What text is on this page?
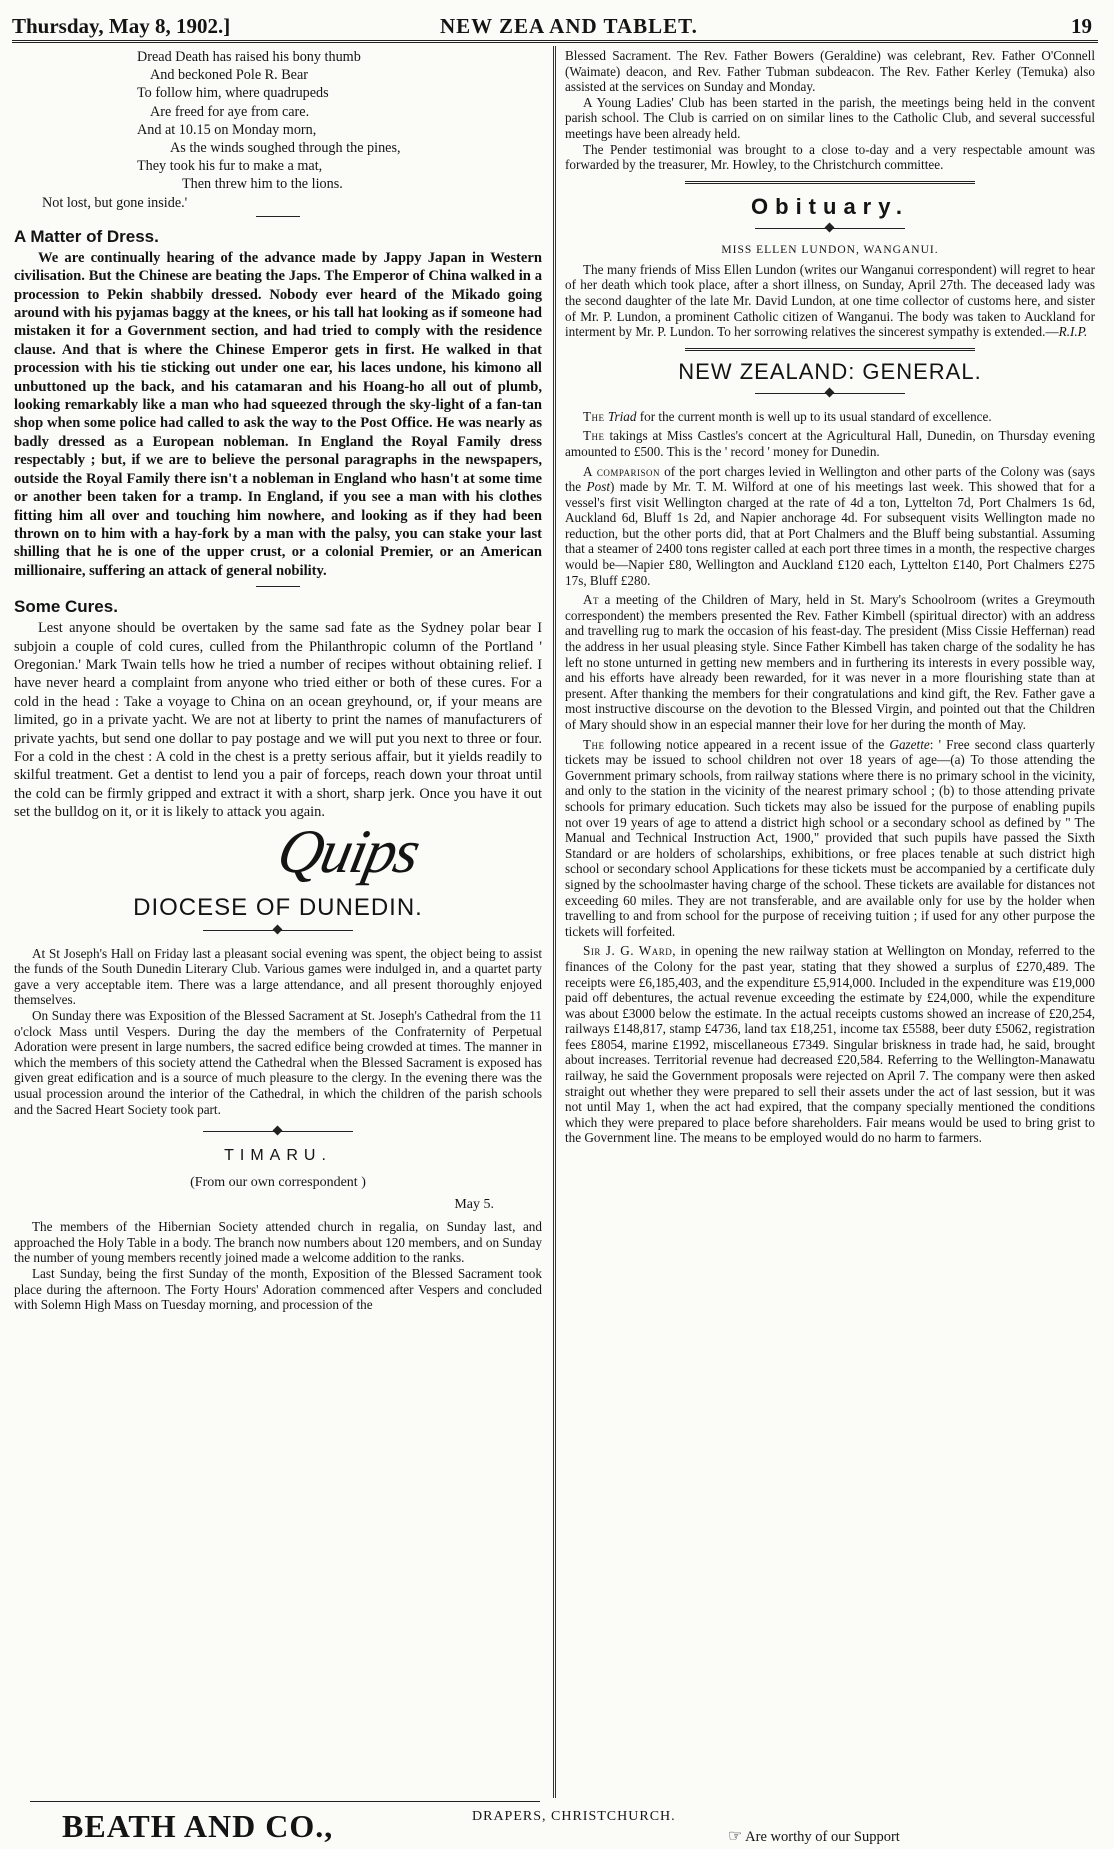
Thursday, May 8, 1902.]	NEW ZEA AND TABLET.	19
Dread Death has raised his bony thumb
And beckoned Pole R. Bear
To follow him, where quadrupeds
Are freed for aye from care.
And at 10.15 on Monday morn,
As the winds soughed through the pines,
They took his fur to make a mat,
Then threw him to the lions.
Not lost, but gone inside.'
A Matter of Dress.

We are continually hearing of the advance made by Jappy Japan in Western civilisation. But the Chinese are beating the Japs. The Emperor of China walked in a procession to Pekin shabbily dressed. Nobody ever heard of the Mikado going around with his pyjamas baggy at the knees, or his tall hat looking as if someone had mistaken it for a Government section, and had tried to comply with the residence clause. And that is where the Chinese Emperor gets in first. He walked in that procession with his tie sticking out under one ear, his laces undone, his kimono all unbuttoned up the back, and his catamaran and his Hoang-ho all out of plumb, looking remarkably like a man who had squeezed through the sky-light of a fan-tan shop when some police had called to ask the way to the Post Office. He was nearly as badly dressed as a European nobleman. In England the Royal Family dress respectably ; but, if we are to believe the personal paragraphs in the newspapers, outside the Royal Family there isn't a nobleman in England who hasn't at some time or another been taken for a tramp. In England, if you see a man with his clothes fitting him all over and touching him nowhere, and looking as if they had been thrown on to him with a hay-fork by a man with the palsy, you can stake your last shilling that he is one of the upper crust, or a colonial Premier, or an American millionaire, suffering an attack of general nobility.

Some Cures.

Lest anyone should be overtaken by the same sad fate as the Sydney polar bear I subjoin a couple of cold cures, culled from the Philanthropic column of the Portland ' Oregonian.' Mark Twain tells how he tried a number of recipes without obtaining relief. I have never heard a complaint from anyone who tried either or both of these cures. For a cold in the head : Take a voyage to China on an ocean greyhound, or, if your means are limited, go in a private yacht. We are not at liberty to print the names of manufacturers of private yachts, but send one dollar to pay postage and we will put you next to three or four. For a cold in the chest : A cold in the chest is a pretty serious affair, but it yields readily to skilful treatment. Get a dentist to lend you a pair of forceps, reach down your throat until the cold can be firmly gripped and extract it with a short, sharp jerk. Once you have it out set the bulldog on it, or it is likely to attack you again.

Quips
DIOCESE OF DUNEDIN.

At St Joseph's Hall on Friday last a pleasant social evening was spent, the object being to assist the funds of the South Dunedin Literary Club. Various games were indulged in, and a quartet party gave a very acceptable item. There was a large attendance, and all present thoroughly enjoyed themselves.

On Sunday there was Exposition of the Blessed Sacrament at St. Joseph's Cathedral from the 11 o'clock Mass until Vespers. During the day the members of the Confraternity of Perpetual Adoration were present in large numbers, the sacred edifice being crowded at times. The manner in which the members of this society attend the Cathedral when the Blessed Sacrament is exposed has given great edification and is a source of much pleasure to the clergy. In the evening there was the usual procession around the interior of the Cathedral, in which the children of the parish schools and the Sacred Heart Society took part.

TIMARU.

(From our own correspondent )

May 5.

The members of the Hibernian Society attended church in regalia, on Sunday last, and approached the Holy Table in a body. The branch now numbers about 120 members, and on Sunday the number of young members recently joined made a welcome addition to the ranks.

Last Sunday, being the first Sunday of the month, Exposition of the Blessed Sacrament took place during the afternoon. The Forty Hours' Adoration commenced after Vespers and concluded with Solemn High Mass on Tuesday morning, and procession of the

Blessed Sacrament. The Rev. Father Bowers (Geraldine) was celebrant, Rev. Father O'Connell (Waimate) deacon, and Rev. Father Tubman subdeacon. The Rev. Father Kerley (Temuka) also assisted at the services on Sunday and Monday.

A Young Ladies' Club has been started in the parish, the meetings being held in the convent parish school. The Club is carried on on similar lines to the Catholic Club, and several successful meetings have been already held.

The Pender testimonial was brought to a close to-day and a very respectable amount was forwarded by the treasurer, Mr. Howley, to the Christchurch committee.

Obituary.
MISS ELLEN LUNDON, WANGANUI.

The many friends of Miss Ellen Lundon (writes our Wanganui correspondent) will regret to hear of her death which took place, after a short illness, on Sunday, April 27th. The deceased lady was the second daughter of the late Mr. David Lundon, at one time collector of customs here, and sister of Mr. P. Lundon, a prominent Catholic citizen of Wanganui. The body was taken to Auckland for interment by Mr. P. Lundon. To her sorrowing relatives the sincerest sympathy is extended.—R.I.P.

NEW ZEALAND: GENERAL.

The Triad for the current month is well up to its usual standard of excellence.

The takings at Miss Castles's concert at the Agricultural Hall, Dunedin, on Thursday evening amounted to £500. This is the ' record ' money for Dunedin.

A comparison of the port charges levied in Wellington and other parts of the Colony was (says the Post) made by Mr. T. M. Wilford at one of his meetings last week. This showed that for a vessel's first visit Wellington charged at the rate of 4d a ton, Lyttelton 7d, Port Chalmers 1s 6d, Auckland 6d, Bluff 1s 2d, and Napier anchorage 4d. For subsequent visits Wellington made no reduction, but the other ports did, that at Port Chalmers and the Bluff being substantial. Assuming that a steamer of 2400 tons register called at each port three times in a month, the respective charges would be—Napier £80, Wellington and Auckland £120 each, Lyttelton £140, Port Chalmers £275 17s, Bluff £280.

At a meeting of the Children of Mary, held in St. Mary's Schoolroom (writes a Greymouth correspondent) the members presented the Rev. Father Kimbell (spiritual director) with an address and travelling rug to mark the occasion of his feast-day. The president (Miss Cissie Heffernan) read the address in her usual pleasing style. Since Father Kimbell has taken charge of the sodality he has left no stone unturned in getting new members and in furthering its interests in every possible way, and his efforts have already been rewarded, for it was never in a more flourishing state than at present. After thanking the members for their congratulations and kind gift, the Rev. Father gave a most instructive discourse on the devotion to the Blessed Virgin, and pointed out that the Children of Mary should show in an especial manner their love for her during the month of May.

The following notice appeared in a recent issue of the Gazette: ' Free second class quarterly tickets may be issued to school children not over 18 years of age—(a) To those attending the Government primary schools, from railway stations where there is no primary school in the vicinity, and only to the station in the vicinity of the nearest primary school ; (b) to those attending private schools for primary education. Such tickets may also be issued for the purpose of enabling pupils not over 19 years of age to attend a district high school or a secondary school as defined by " The Manual and Technical Instruction Act, 1900," provided that such pupils have passed the Sixth Standard or are holders of scholarships, exhibitions, or free places tenable at such district high school or secondary school Applications for these tickets must be accompanied by a certificate duly signed by the schoolmaster having charge of the school. These tickets are available for distances not exceeding 60 miles. They are not transferable, and are available only for use by the holder when travelling to and from school for the purpose of receiving tuition ; if used for any other purpose the tickets will forfeited.

Sir J. G. Ward, in opening the new railway station at Wellington on Monday, referred to the finances of the Colony for the past year, stating that they showed a surplus of £270,489. The receipts were £6,185,403, and the expenditure £5,914,000. Included in the expenditure was £19,000 paid off debentures, the actual revenue exceeding the estimate by £24,000, while the expenditure was about £3000 below the estimate. In the actual receipts customs showed an increase of £20,254, railways £148,817, stamp £4736, land tax £18,251, income tax £5588, beer duty £5062, registration fees £8054, marine £1992, miscellaneous £7349. Singular briskness in trade had, he said, brought about increases. Territorial revenue had decreased £20,584. Referring to the Wellington-Manawatu railway, he said the Government proposals were rejected on April 7. The company were then asked straight out whether they were prepared to sell their assets under the act of last session, but it was not until May 1, when the act had expired, that the company specially mentioned the conditions which they were prepared to place before shareholders. Fair means would be used to bring grist to the Government line. The means to be employed would do no harm to farmers.

BEATH AND CO.,	DRAPERS, CHRISTCHURCH.
☞ Are worthy of our Support
